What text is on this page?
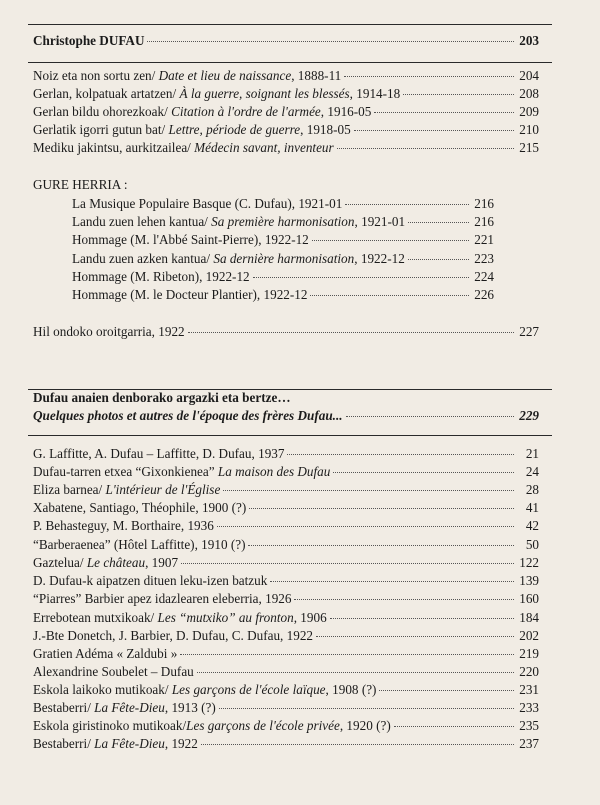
Christophe DUFAU	203
Noiz eta non sortu zen/ Date et lieu de naissance, 1888-11	204
Gerlan, kolpatuak artatzen/ À la guerre, soignant les blessés, 1914-18	208
Gerlan bildu ohorezkoak/ Citation à l'ordre de l'armée, 1916-05	209
Gerlatik igorri gutun bat/ Lettre, période de guerre, 1918-05	210
Mediku jakintsu, aurkitzailea/ Médecin savant, inventeur	215
GURE HERRIA :
La Musique Populaire Basque (C. Dufau), 1921-01	216
Landu zuen lehen kantua/ Sa première harmonisation, 1921-01	216
Hommage (M. l'Abbé Saint-Pierre), 1922-12	221
Landu zuen azken kantua/ Sa dernière harmonisation, 1922-12	223
Hommage (M. Ribeton), 1922-12	224
Hommage (M. le Docteur Plantier), 1922-12	226
Hil ondoko oroitgarria, 1922	227
Dufau anaien denborako argazki eta bertze…
Quelques photos et autres de l'époque des frères Dufau...	229
G. Laffitte, A. Dufau – Laffitte, D. Dufau, 1937	21
Dufau-tarren etxea “Gixonkienea” La maison des Dufau	24
Eliza barnea/ L'intérieur de l'Église	28
Xabatene, Santiago, Théophile, 1900 (?)	41
P. Behasteguy, M. Borthaire, 1936	42
“Barberaenea” (Hôtel Laffitte), 1910 (?)	50
Gaztelua/ Le château, 1907	122
D. Dufau-k aipatzen dituen leku-izen batzuk	139
“Piarres” Barbier apez idazlearen eleberria, 1926	160
Errebotean mutxikoak/ Les “mutxiko” au fronton, 1906	184
J.-Bte Donetch, J. Barbier, D. Dufau, C. Dufau, 1922	202
Gratien Adéma « Zaldubi »	219
Alexandrine Soubelet – Dufau	220
Eskola laikoko mutikoak/ Les garçons de l'école laïque, 1908 (?)	231
Bestaberri/ La Fête-Dieu, 1913 (?)	233
Eskola giristinoko mutikoak/Les garçons de l'école privée, 1920 (?)	235
Bestaberri/ La Fête-Dieu, 1922	237
